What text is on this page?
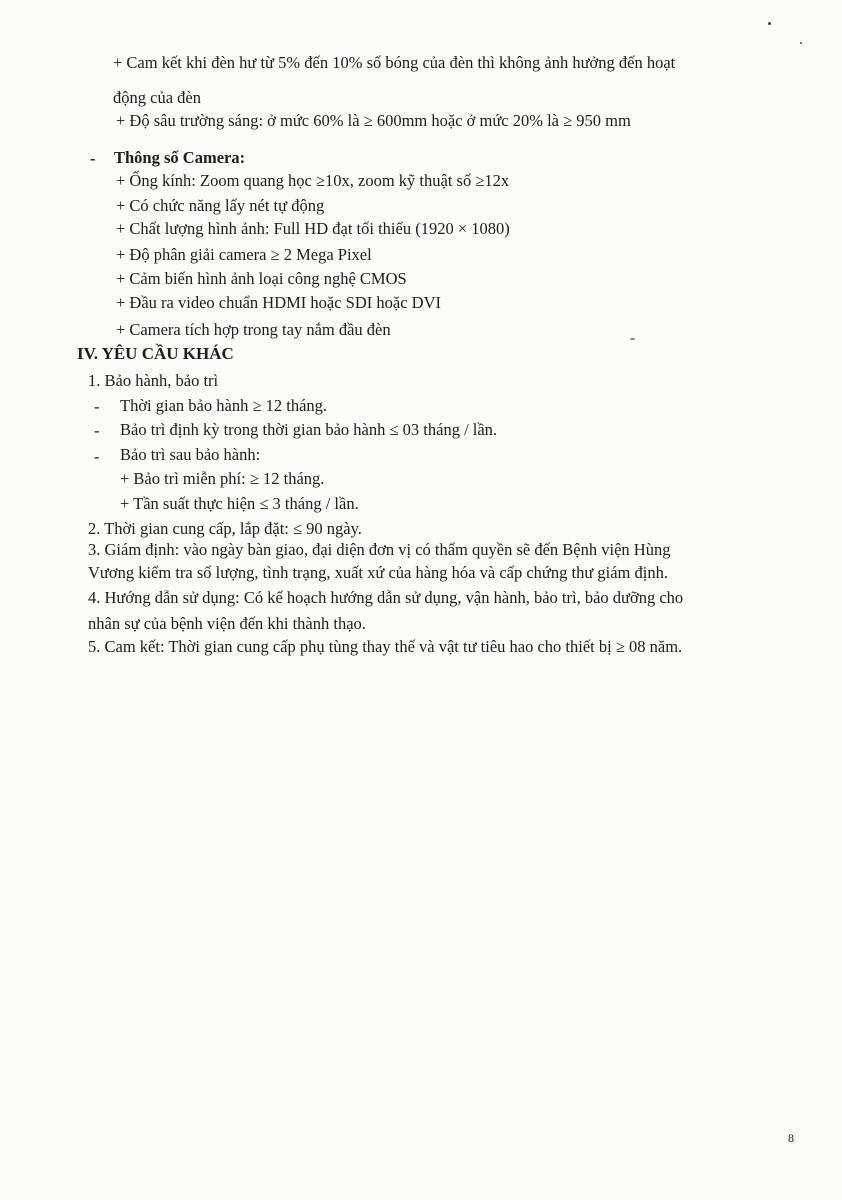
+ Cam kết khi đèn hư từ 5% đến 10% số bóng của đèn thì không ảnh hưởng đến hoạt
động của đèn
+ Độ sâu trường sáng: ở mức 60% là ≥ 600mm hoặc ở mức 20% là ≥ 950 mm
- Thông số Camera:
+ Ống kính: Zoom quang học ≥10x, zoom kỹ thuật số ≥12x
+ Có chức năng lấy nét tự động
+ Chất lượng hình ảnh: Full HD đạt tối thiểu (1920 × 1080)
+ Độ phân giải camera ≥ 2 Mega Pixel
+ Cảm biến hình ảnh loại công nghệ CMOS
+ Đầu ra video chuẩn HDMI hoặc SDI hoặc DVI
+ Camera tích hợp trong tay nắm đầu đèn
IV. YÊU CẦU KHÁC
1. Bảo hành, bảo trì
- Thời gian bảo hành ≥ 12 tháng.
- Bảo trì định kỳ trong thời gian bảo hành ≤ 03 tháng / lần.
- Bảo trì sau bảo hành:
+ Bảo trì miễn phí: ≥ 12 tháng.
+ Tần suất thực hiện ≤ 3 tháng / lần.
2. Thời gian cung cấp, lắp đặt: ≤ 90 ngày.
3. Giám định: vào ngày bàn giao, đại diện đơn vị có thẩm quyền sẽ đến Bệnh viện Hùng
Vương kiểm tra số lượng, tình trạng, xuất xứ của hàng hóa và cấp chứng thư giám định.
4. Hướng dẫn sử dụng: Có kế hoạch hướng dẫn sử dụng, vận hành, bảo trì, bảo dưỡng cho
nhân sự của bệnh viện đến khi thành thạo.
5. Cam kết: Thời gian cung cấp phụ tùng thay thế và vật tư tiêu hao cho thiết bị ≥ 08 năm.
8
